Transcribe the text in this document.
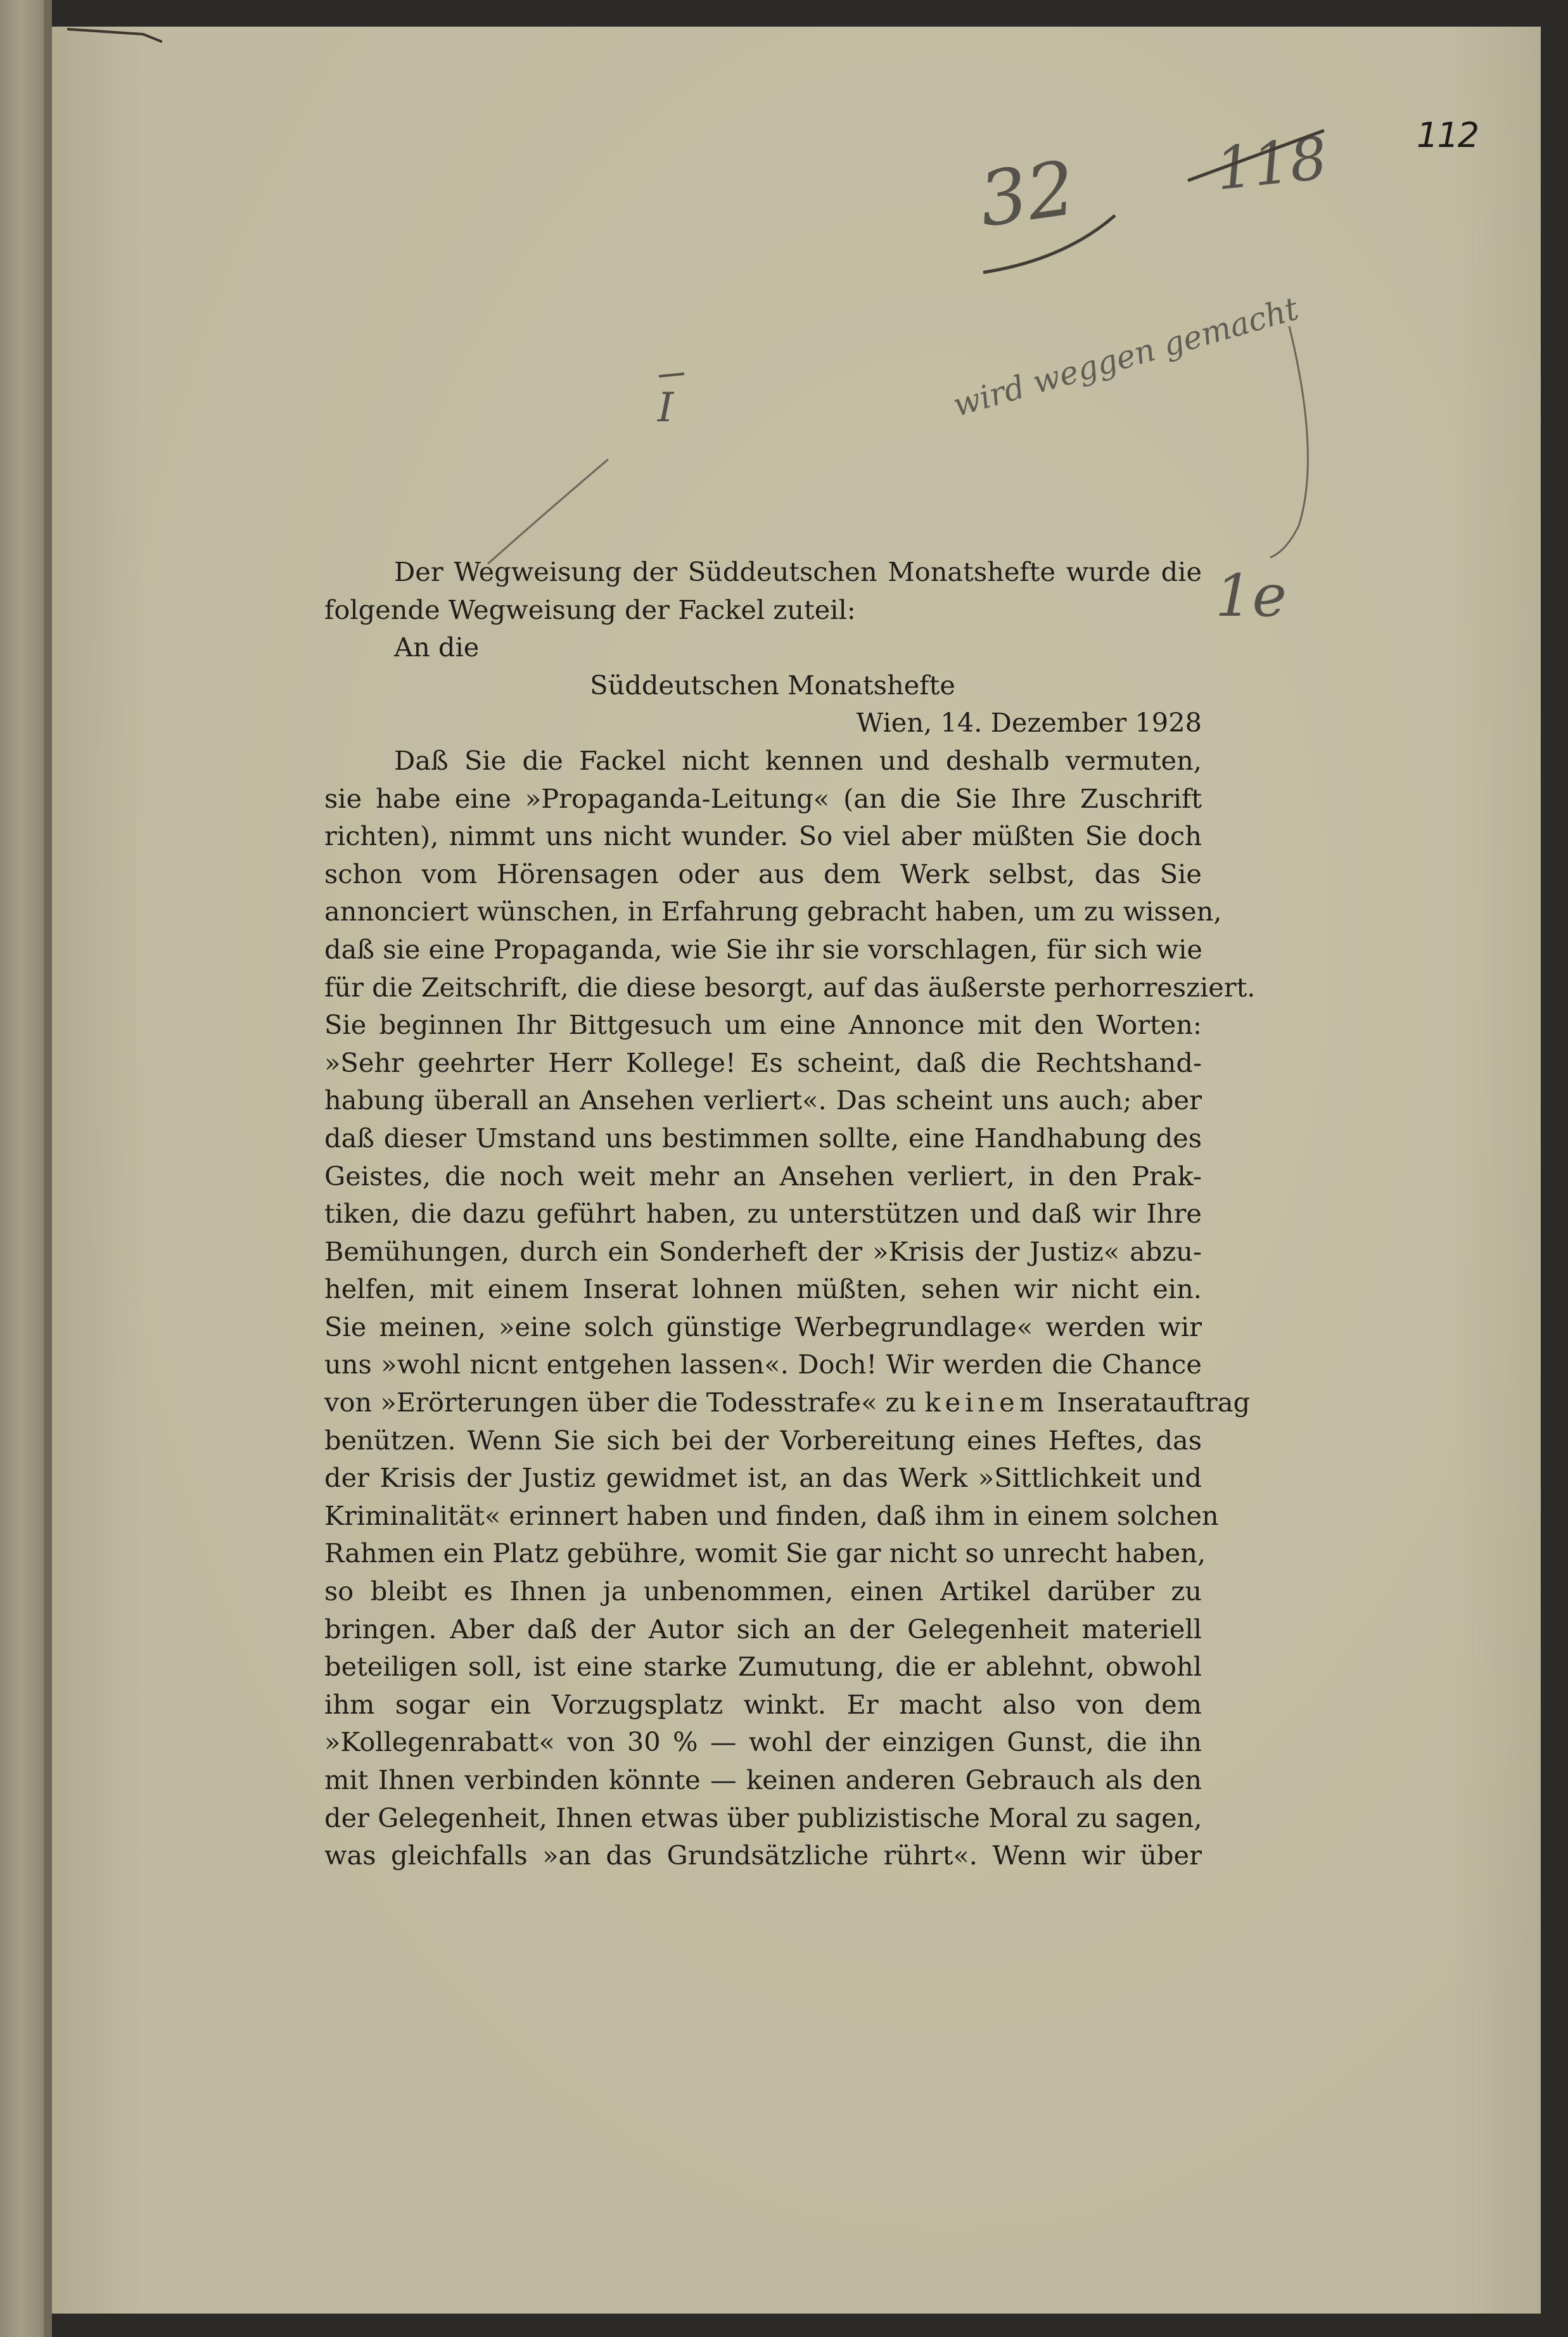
112
32 118
wird weggen gemacht
I
1e
Der Wegweisung der Süddeutschen Monatshefte wurde die
folgende Wegweisung der Fackel zuteil:
An die
Süddeutschen Monatshefte
Wien, 14. Dezember 1928
Daß Sie die Fackel nicht kennen und deshalb vermuten,
sie habe eine »Propaganda-Leitung« (an die Sie Ihre Zuschrift
richten), nimmt uns nicht wunder. So viel aber müßten Sie doch
schon vom Hörensagen oder aus dem Werk selbst, das Sie
annonciert wünschen, in Erfahrung gebracht haben, um zu wissen,
daß sie eine Propaganda, wie Sie ihr sie vorschlagen, für sich wie
für die Zeitschrift, die diese besorgt, auf das äußerste perhorresziert.
Sie beginnen Ihr Bittgesuch um eine Annonce mit den Worten:
»Sehr geehrter Herr Kollege! Es scheint, daß die Rechtshand-
habung überall an Ansehen verliert«. Das scheint uns auch; aber
daß dieser Umstand uns bestimmen sollte, eine Handhabung des
Geistes, die noch weit mehr an Ansehen verliert, in den Prak-
tiken, die dazu geführt haben, zu unterstützen und daß wir Ihre
Bemühungen, durch ein Sonderheft der »Krisis der Justiz« abzu-
helfen, mit einem Inserat lohnen müßten, sehen wir nicht ein.
Sie meinen, »eine solch günstige Werbegrundlage« werden wir
uns »wohl nicnt entgehen lassen«. Doch! Wir werden die Chance
von »Erörterungen über die Todesstrafe« zu keinem Inseratauftrag
benützen. Wenn Sie sich bei der Vorbereitung eines Heftes, das
der Krisis der Justiz gewidmet ist, an das Werk »Sittlichkeit und
Kriminalität« erinnert haben und finden, daß ihm in einem solchen
Rahmen ein Platz gebühre, womit Sie gar nicht so unrecht haben,
so bleibt es Ihnen ja unbenommen, einen Artikel darüber zu
bringen. Aber daß der Autor sich an der Gelegenheit materiell
beteiligen soll, ist eine starke Zumutung, die er ablehnt, obwohl
ihm sogar ein Vorzugsplatz winkt. Er macht also von dem
»Kollegenrabatt« von 30 % — wohl der einzigen Gunst, die ihn
mit Ihnen verbinden könnte — keinen anderen Gebrauch als den
der Gelegenheit, Ihnen etwas über publizistische Moral zu sagen,
was gleichfalls »an das Grundsätzliche rührt«. Wenn wir über
